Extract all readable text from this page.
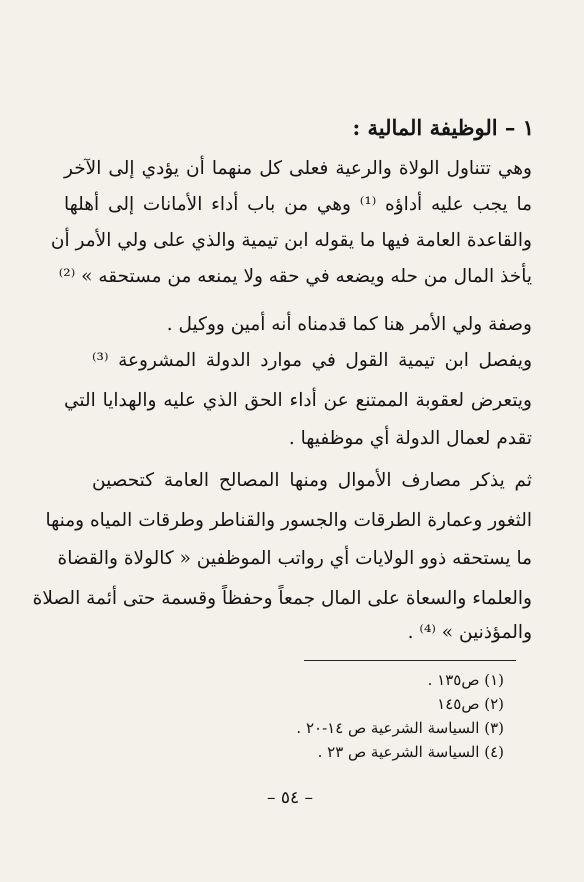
١ – الوظيفة المالية :
وهي تتناول الولاة والرعية فعلى كل منهما أن يؤدي إلى الآخر
ما يجب عليه أداؤه ⁽¹⁾ وهي من باب أداء الأمانات إلى أهلها
والقاعدة العامة فيها ما يقوله ابن تيمية والذي على ولي الأمر أن
يأخذ المال من حله ويضعه في حقه ولا يمنعه من مستحقه » ⁽²⁾
وصفة ولي الأمر هنا كما قدمناه أنه أمين ووكيل .
ويفصل ابن تيمية القول في موارد الدولة المشروعة ⁽³⁾
ويتعرض لعقوبة الممتنع عن أداء الحق الذي عليه والهدايا التي
تقدم لعمال الدولة أي موظفيها .
ثم يذكر مصارف الأموال ومنها المصالح العامة كتحصين
الثغور وعمارة الطرقات والجسور والقناطر وطرقات المياه ومنها
ما يستحقه ذوو الولايات أي رواتب الموظفين « كالولاة والقضاة
والعلماء والسعاة على المال جمعاً وحفظاً وقسمة حتى أئمة الصلاة
والمؤذنين » ⁽⁴⁾ .
(١) ص١٣٥ .
(٢) ص١٤٥
(٣) السياسة الشرعية ص ١٤-٢٠ .
(٤) السياسة الشرعية ص ٢٣ .
– ٥٤ –
